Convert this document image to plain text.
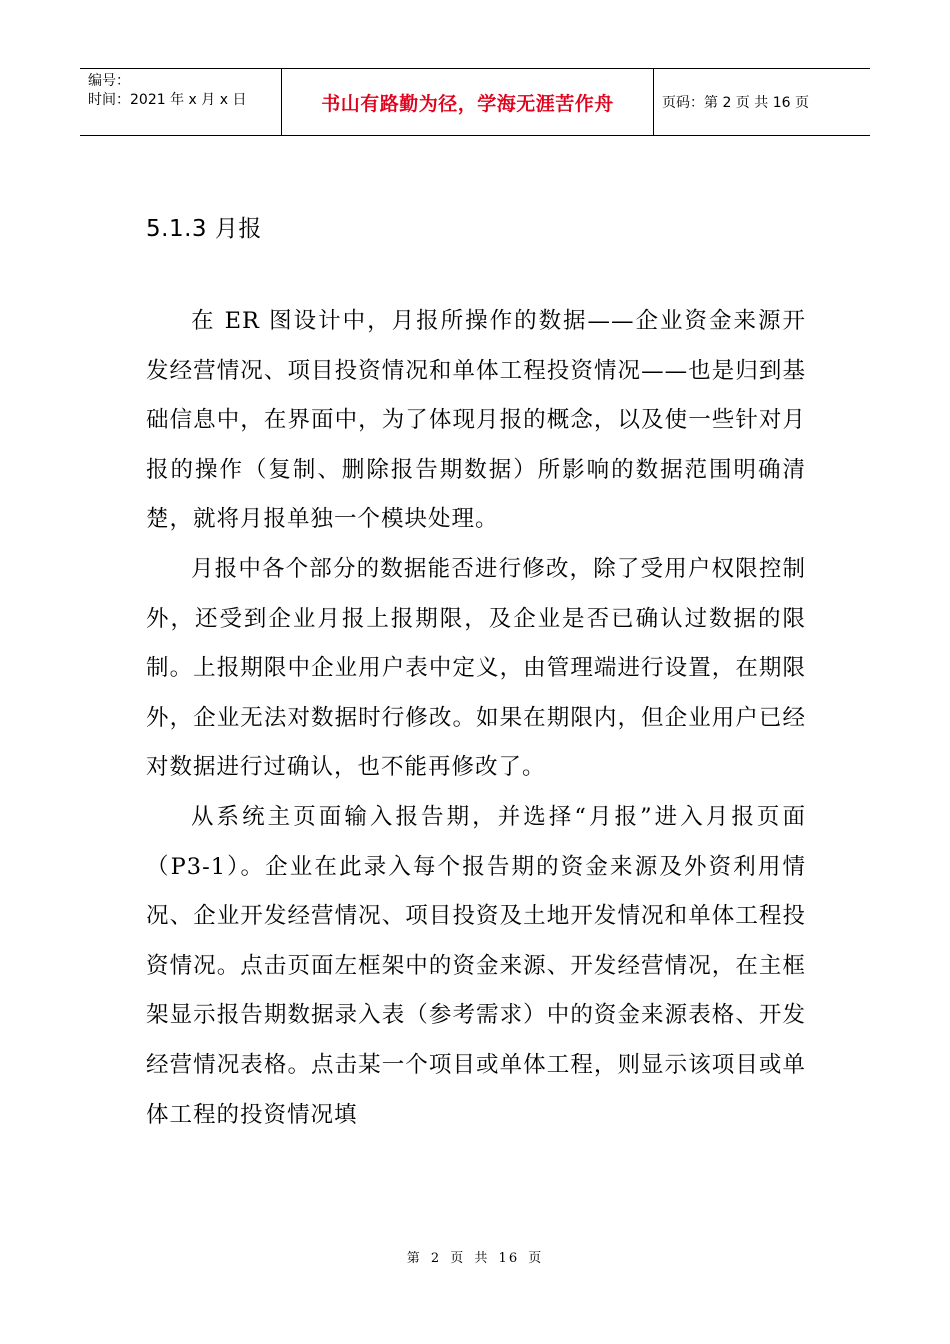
编号：
时间：2021 年 x 月 x 日	书山有路勤为径，学海无涯苦作舟	页码：第 2 页 共 16 页
5.1.3 月报

在 ER 图设计中，月报所操作的数据——企业资金来源开发经营情况、项目投资情况和单体工程投资情况——也是归到基础信息中，在界面中，为了体现月报的概念，以及使一些针对月报的操作（复制、删除报告期数据）所影响的数据范围明确清楚，就将月报单独一个模块处理。

月报中各个部分的数据能否进行修改，除了受用户权限控制外，还受到企业月报上报期限，及企业是否已确认过数据的限制。上报期限中企业用户表中定义，由管理端进行设置，在期限外，企业无法对数据时行修改。如果在期限内，但企业用户已经对数据进行过确认，也不能再修改了。

从系统主页面输入报告期，并选择“月报”进入月报页面（P3-1）。企业在此录入每个报告期的资金来源及外资利用情况、企业开发经营情况、项目投资及土地开发情况和单体工程投资情况。点击页面左框架中的资金来源、开发经营情况，在主框架显示报告期数据录入表（参考需求）中的资金来源表格、开发经营情况表格。点击某一个项目或单体工程，则显示该项目或单体工程的投资情况填

第 2 页 共 16 页
